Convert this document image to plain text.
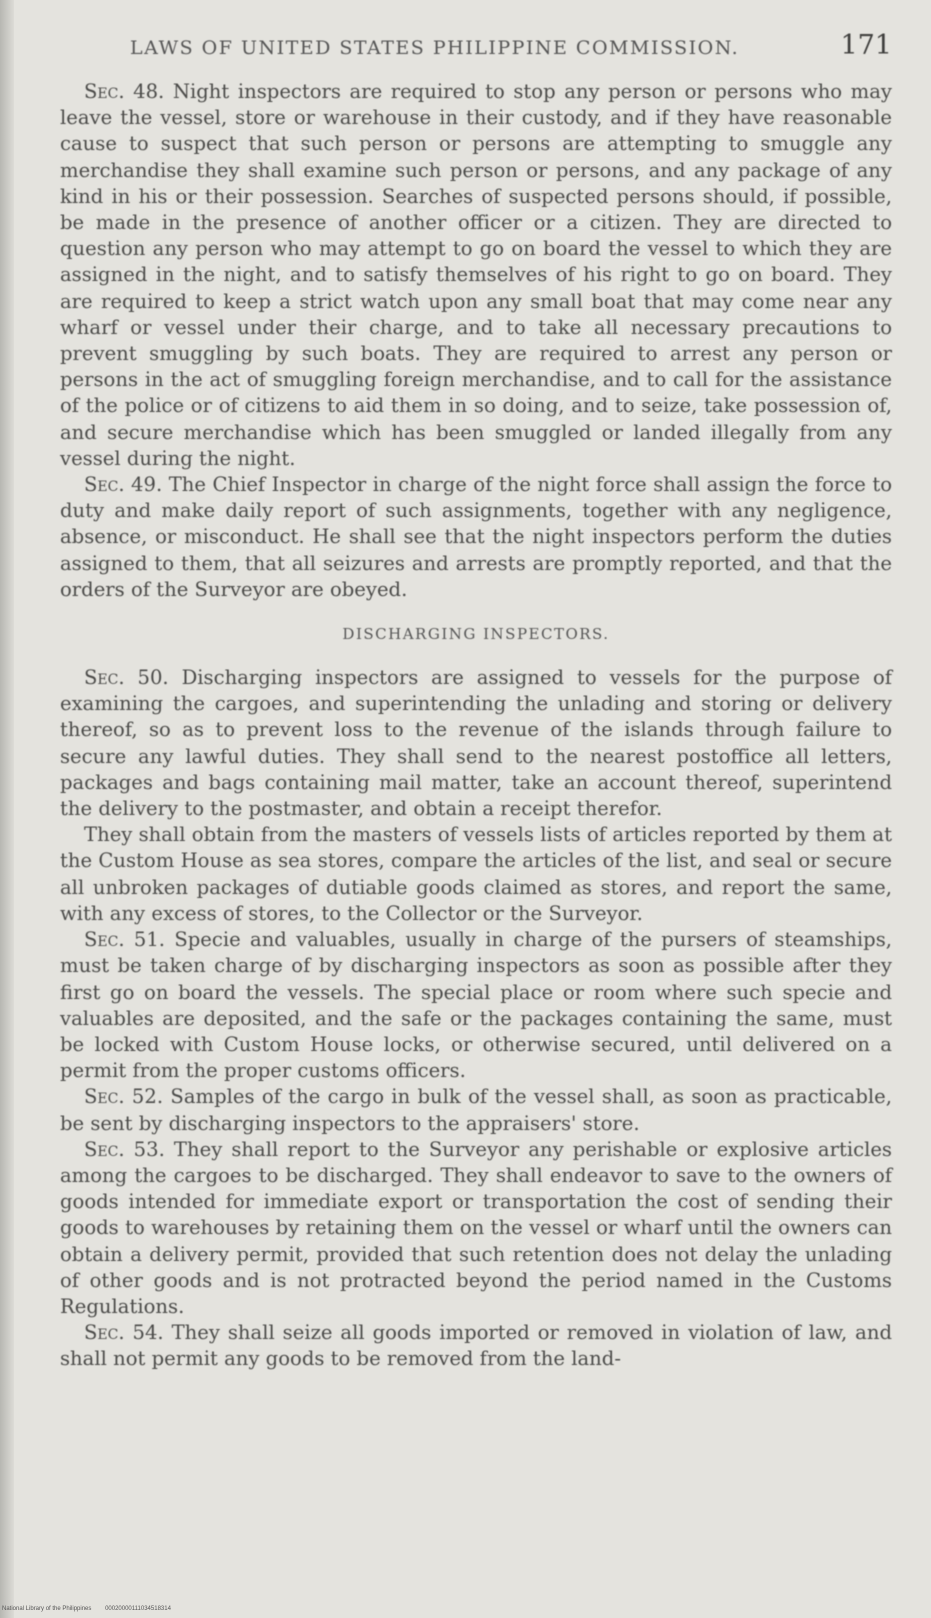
LAWS OF UNITED STATES PHILIPPINE COMMISSION.	171

Sec. 48. Night inspectors are required to stop any person or persons who may leave the vessel, store or warehouse in their custody, and if they have reasonable cause to suspect that such person or persons are attempting to smuggle any merchandise they shall examine such person or persons, and any package of any kind in his or their possession. Searches of suspected persons should, if possible, be made in the presence of another officer or a citizen. They are directed to question any person who may attempt to go on board the vessel to which they are assigned in the night, and to satisfy themselves of his right to go on board. They are required to keep a strict watch upon any small boat that may come near any wharf or vessel under their charge, and to take all necessary precautions to prevent smuggling by such boats. They are required to arrest any person or persons in the act of smuggling foreign merchandise, and to call for the assistance of the police or of citizens to aid them in so doing, and to seize, take possession of, and secure merchandise which has been smuggled or landed illegally from any vessel during the night.

Sec. 49. The Chief Inspector in charge of the night force shall assign the force to duty and make daily report of such assignments, together with any negligence, absence, or misconduct. He shall see that the night inspectors perform the duties assigned to them, that all seizures and arrests are promptly reported, and that the orders of the Surveyor are obeyed.

DISCHARGING INSPECTORS.

Sec. 50. Discharging inspectors are assigned to vessels for the purpose of examining the cargoes, and superintending the unlading and storing or delivery thereof, so as to prevent loss to the revenue of the islands through failure to secure any lawful duties. They shall send to the nearest postoffice all letters, packages and bags containing mail matter, take an account thereof, superintend the delivery to the postmaster, and obtain a receipt therefor.

They shall obtain from the masters of vessels lists of articles reported by them at the Custom House as sea stores, compare the articles of the list, and seal or secure all unbroken packages of dutiable goods claimed as stores, and report the same, with any excess of stores, to the Collector or the Surveyor.

Sec. 51. Specie and valuables, usually in charge of the pursers of steamships, must be taken charge of by discharging inspectors as soon as possible after they first go on board the vessels. The special place or room where such specie and valuables are deposited, and the safe or the packages containing the same, must be locked with Custom House locks, or otherwise secured, until delivered on a permit from the proper customs officers.

Sec. 52. Samples of the cargo in bulk of the vessel shall, as soon as practicable, be sent by discharging inspectors to the appraisers' store.

Sec. 53. They shall report to the Surveyor any perishable or explosive articles among the cargoes to be discharged. They shall endeavor to save to the owners of goods intended for immediate export or transportation the cost of sending their goods to warehouses by retaining them on the vessel or wharf until the owners can obtain a delivery permit, provided that such retention does not delay the unlading of other goods and is not protracted beyond the period named in the Customs Regulations.

Sec. 54. They shall seize all goods imported or removed in violation of law, and shall not permit any goods to be removed from the land-

National Library of the Philippines 00020000111034518314
